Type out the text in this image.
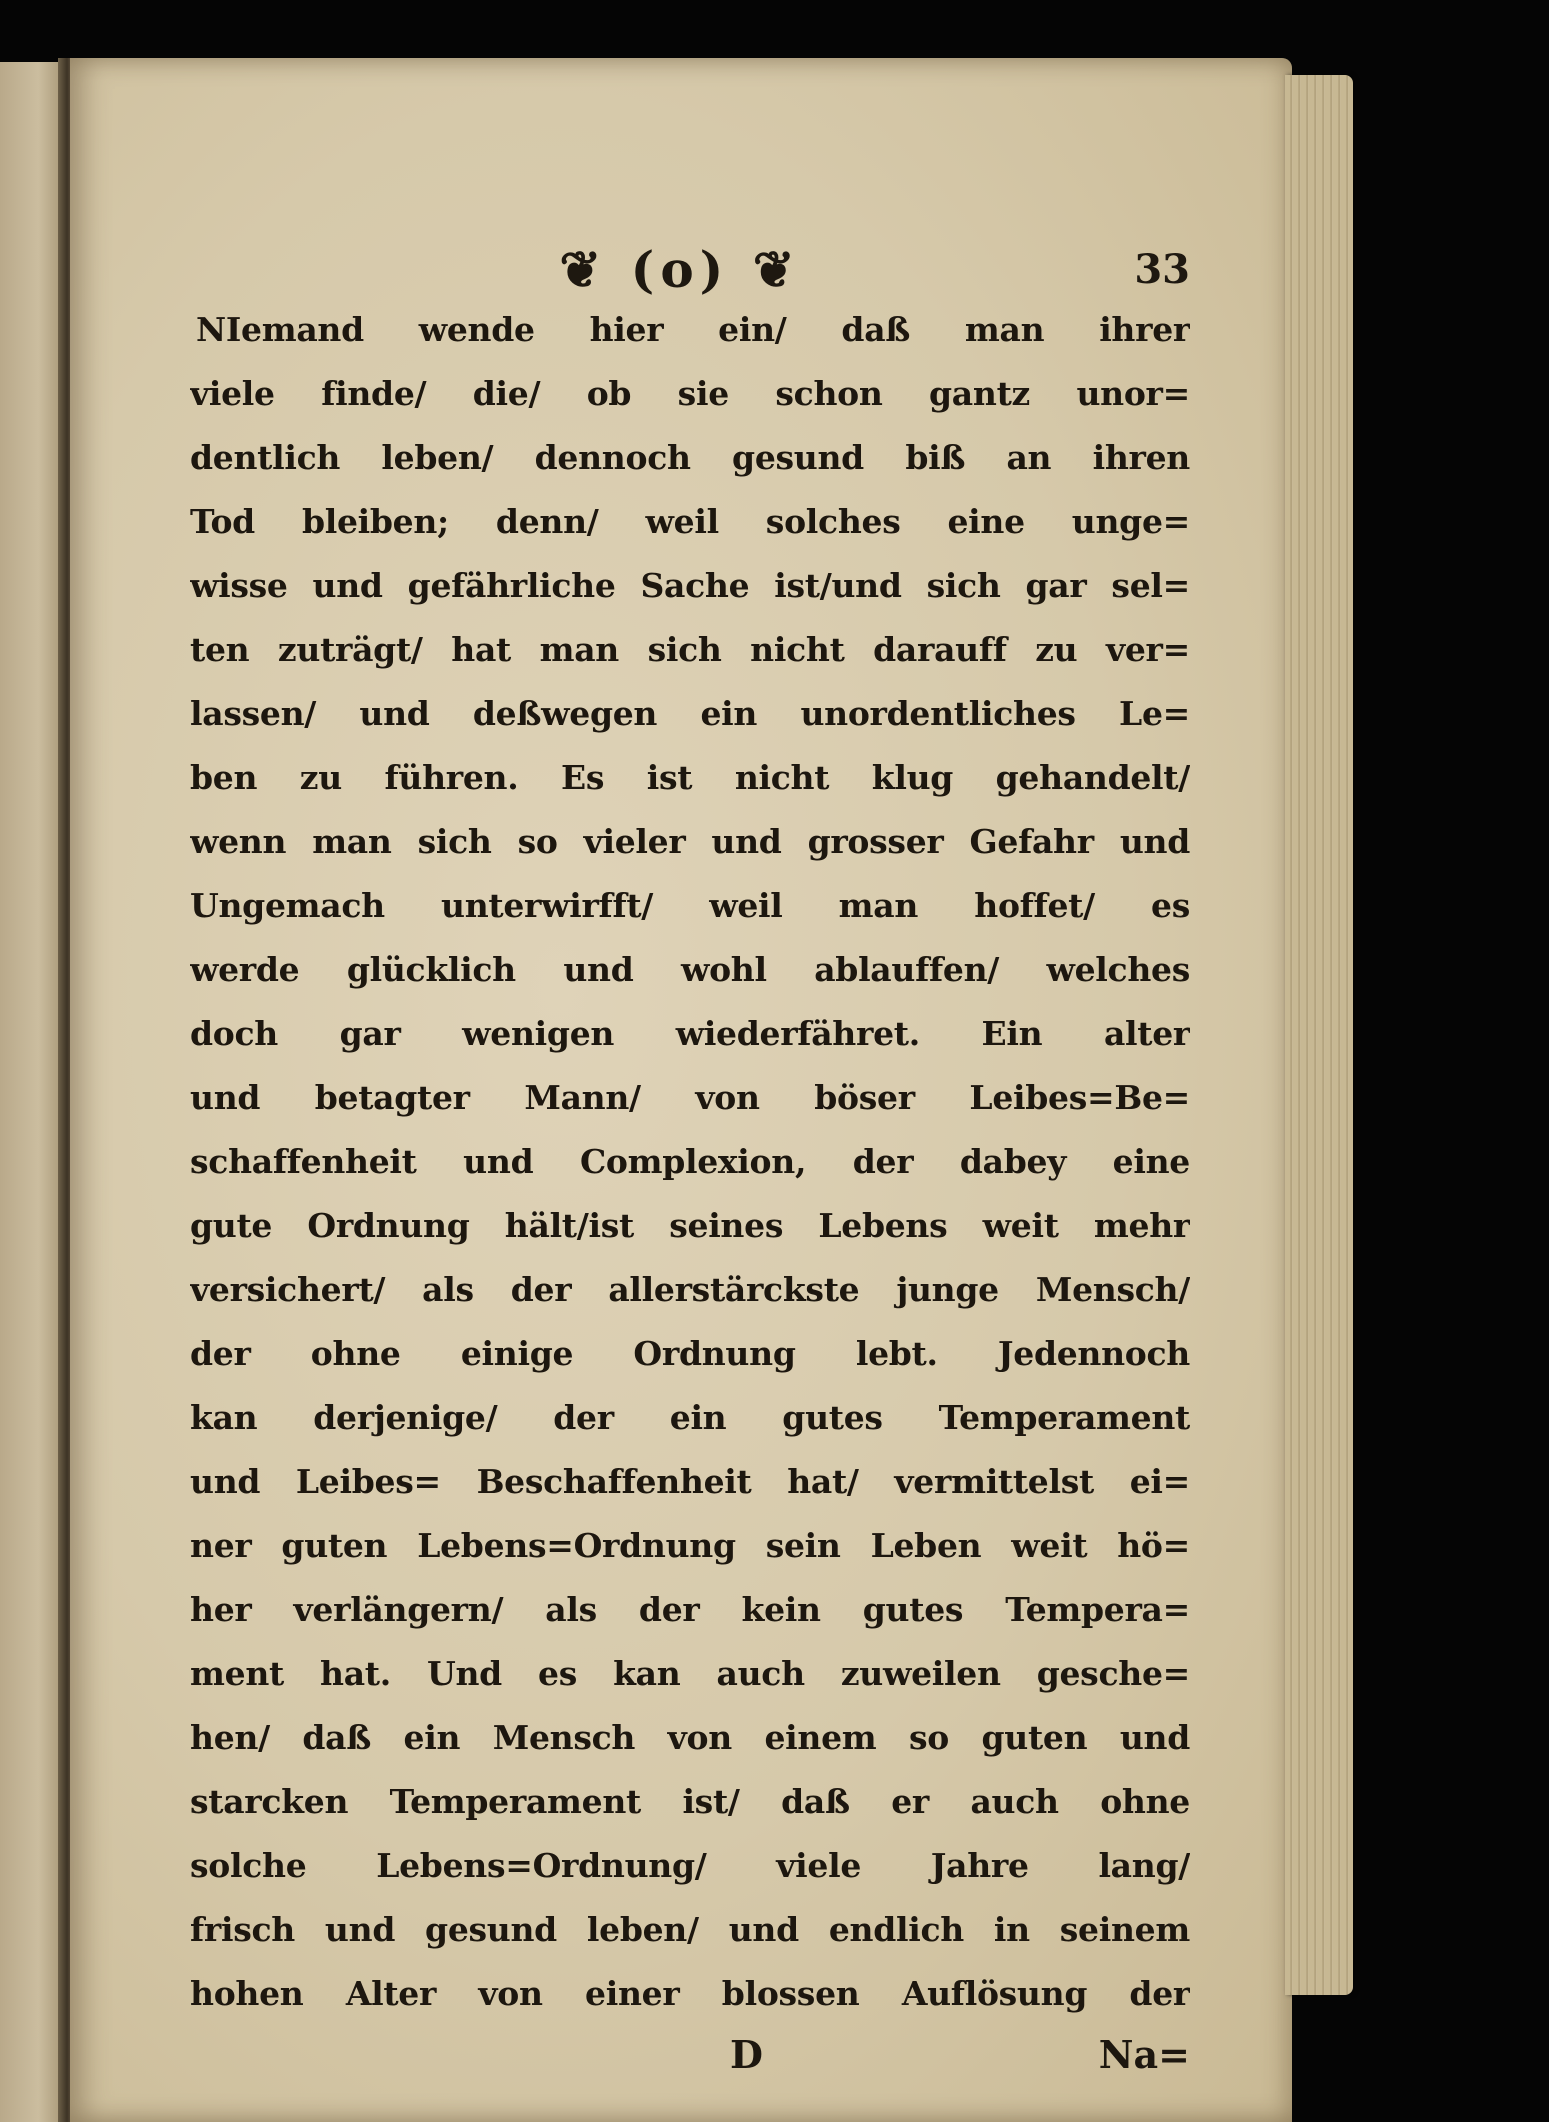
❦ (o) ❦	33
NIemand wende hier ein/ daß man ihrer
viele finde/ die/ ob sie schon gantz unor=
dentlich leben/ dennoch gesund biß an ihren
Tod bleiben; denn/ weil solches eine unge=
wisse und gefährliche Sache ist/und sich gar sel=
ten zuträgt/ hat man sich nicht darauff zu ver=
lassen/ und deßwegen ein unordentliches Le=
ben zu führen. Es ist nicht klug gehandelt/
wenn man sich so vieler und grosser Gefahr und
Ungemach unterwirfft/ weil man hoffet/ es
werde glücklich und wohl ablauffen/ welches
doch gar wenigen wiederfähret. Ein alter
und betagter Mann/ von böser Leibes=Be=
schaffenheit und Complexion, der dabey eine
gute Ordnung hält/ist seines Lebens weit mehr
versichert/ als der allerstärckste junge Mensch/
der ohne einige Ordnung lebt. Jedennoch
kan derjenige/ der ein gutes Temperament
und Leibes= Beschaffenheit hat/ vermittelst ei=
ner guten Lebens=Ordnung sein Leben weit hö=
her verlängern/ als der kein gutes Tempera=
ment hat. Und es kan auch zuweilen gesche=
hen/ daß ein Mensch von einem so guten und
starcken Temperament ist/ daß er auch ohne
solche Lebens=Ordnung/ viele Jahre lang/
frisch und gesund leben/ und endlich in seinem
hohen Alter von einer blossen Auflösung der
D	Na=
